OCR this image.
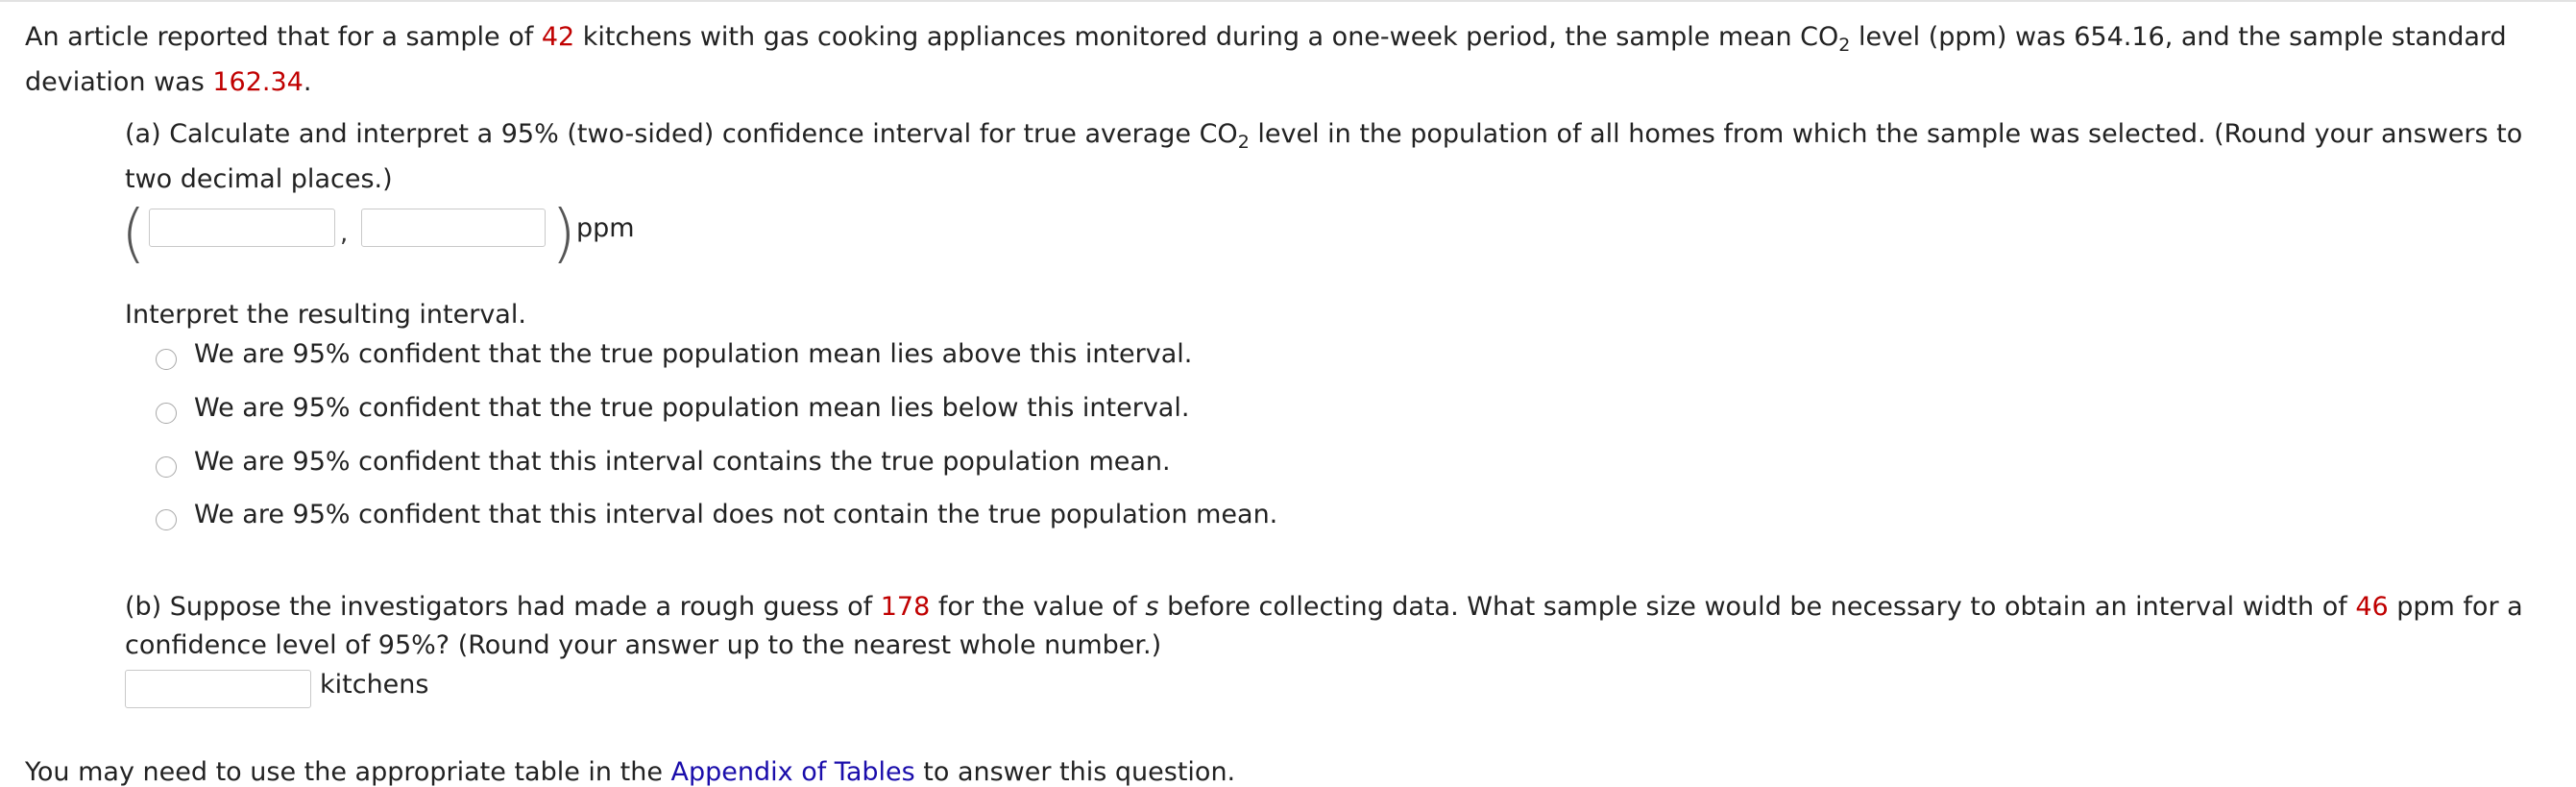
An article reported that for a sample of 42 kitchens with gas cooking appliances monitored during a one-week period, the sample mean $CO_2$ level (ppm) was 654.16, and the sample standard deviation was 162.34.
(a) Calculate and interpret a 95% (two-sided) confidence interval for true average $CO_2$ level in the population of all homes from which the sample was selected. (Round your answers to two decimal places.)
(	,	) ppm
Interpret the resulting interval.
We are 95% confident that the true population mean lies above this interval.
We are 95% confident that the true population mean lies below this interval.
We are 95% confident that this interval contains the true population mean.
We are 95% confident that this interval does not contain the true population mean.
(b) Suppose the investigators had made a rough guess of 178 for the value of s before collecting data. What sample size would be necessary to obtain an interval width of 46 ppm for a confidence level of 95%? (Round your answer up to the nearest whole number.)
kitchens
You may need to use the appropriate table in the Appendix of Tables to answer this question.
